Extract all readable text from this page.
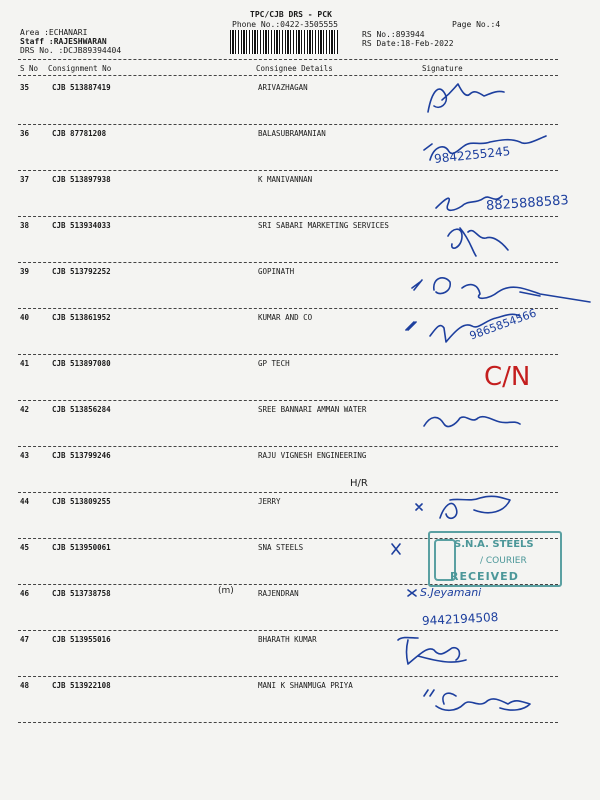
TPC/CJB DRS - PCK
Phone No.:0422-3505555	Page No.:4
Area :ECHANARI
Staff :RAJESHWARAN
DRS No. :DCJB89394404
RS No.:893944
RS Date:18-Feb-2022
S No Consignment No	Consignee Details	Signature
35	CJB 513887419	ARIVAZHAGAN
36	CJB 87781208	BALASUBRAMANIAN
37	CJB 513897938	K MANIVANNAN
38	CJB 513934033	SRI SABARI MARKETING SERVICES
39	CJB 513792252	GOPINATH
40	CJB 513861952	KUMAR AND CO
41	CJB 513897080	GP TECH
42	CJB 513856284	SREE BANNARI AMMAN WATER
43	CJB 513799246	RAJU VIGNESH ENGINEERING
44	CJB 513809255	JERRY
45	CJB 513950061	SNA STEELS
46	CJB 513738758	RAJENDRAN
47	CJB 513955016	BHARATH KUMAR
48	CJB 513922108	MANI K SHANMUGA PRIYA
9842255245
8825888583
9865854566
C/N
H/R
(m)	S.Jeyamani
9442194508
S.N.A. STEELS
/ COURIER
RECEIVED
